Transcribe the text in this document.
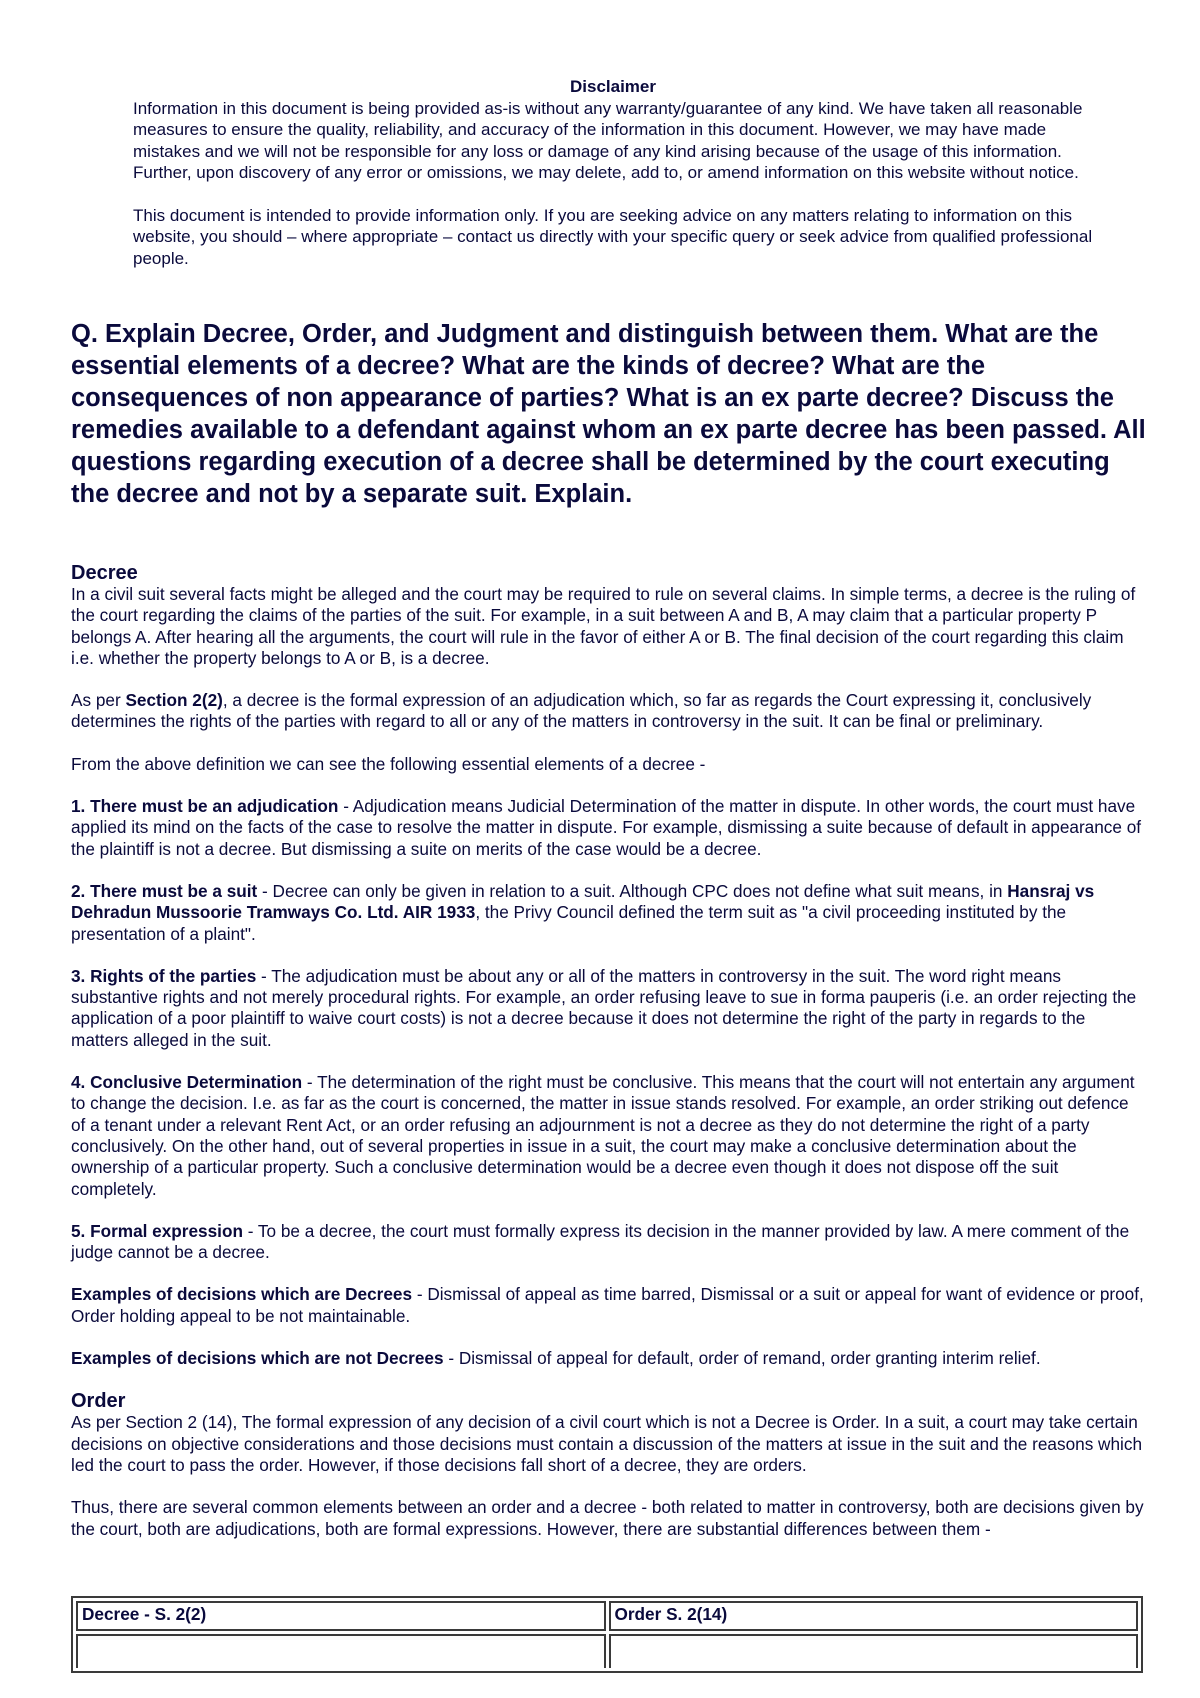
Disclaimer

Information in this document is being provided as-is without any warranty/guarantee of any kind. We have taken all reasonable measures to ensure the quality, reliability, and accuracy of the information in this document. However, we may have made mistakes and we will not be responsible for any loss or damage of any kind arising because of the usage of this information. Further, upon discovery of any error or omissions, we may delete, add to, or amend information on this website without notice.

This document is intended to provide information only. If you are seeking advice on any matters relating to information on this website, you should – where appropriate – contact us directly with your specific query or seek advice from qualified professional people.

Q. Explain Decree, Order, and Judgment and distinguish between them. What are the essential elements of a decree? What are the kinds of decree? What are the consequences of non appearance of parties? What is an ex parte decree? Discuss the remedies available to a defendant against whom an ex parte decree has been passed. All questions regarding execution of a decree shall be determined by the court executing the decree and not by a separate suit. Explain.

Decree

In a civil suit several facts might be alleged and the court may be required to rule on several claims. In simple terms, a decree is the ruling of the court regarding the claims of the parties of the suit. For example, in a suit between A and B, A may claim that a particular property P belongs A. After hearing all the arguments, the court will rule in the favor of either A or B. The final decision of the court regarding this claim i.e. whether the property belongs to A or B, is a decree.

As per Section 2(2), a decree is the formal expression of an adjudication which, so far as regards the Court expressing it, conclusively determines the rights of the parties with regard to all or any of the matters in controversy in the suit. It can be final or preliminary.

From the above definition we can see the following essential elements of a decree -

1. There must be an adjudication - Adjudication means Judicial Determination of the matter in dispute. In other words, the court must have applied its mind on the facts of the case to resolve the matter in dispute. For example, dismissing a suite because of default in appearance of the plaintiff is not a decree. But dismissing a suite on merits of the case would be a decree.

2. There must be a suit - Decree can only be given in relation to a suit. Although CPC does not define what suit means, in Hansraj vs Dehradun Mussoorie Tramways Co. Ltd. AIR 1933, the Privy Council defined the term suit as "a civil proceeding instituted by the presentation of a plaint".

3. Rights of the parties - The adjudication must be about any or all of the matters in controversy in the suit. The word right means substantive rights and not merely procedural rights. For example, an order refusing leave to sue in forma pauperis (i.e. an order rejecting the application of a poor plaintiff to waive court costs) is not a decree because it does not determine the right of the party in regards to the matters alleged in the suit.

4. Conclusive Determination - The determination of the right must be conclusive. This means that the court will not entertain any argument to change the decision. I.e. as far as the court is concerned, the matter in issue stands resolved. For example, an order striking out defence of a tenant under a relevant Rent Act, or an order refusing an adjournment is not a decree as they do not determine the right of a party conclusively. On the other hand, out of several properties in issue in a suit, the court may make a conclusive determination about the ownership of a particular property. Such a conclusive determination would be a decree even though it does not dispose off the suit completely.

5. Formal expression - To be a decree, the court must formally express its decision in the manner provided by law. A mere comment of the judge cannot be a decree.

Examples of decisions which are Decrees - Dismissal of appeal as time barred, Dismissal or a suit or appeal for want of evidence or proof, Order holding appeal to be not maintainable.

Examples of decisions which are not Decrees - Dismissal of appeal for default, order of remand, order granting interim relief.

Order

As per Section 2 (14), The formal expression of any decision of a civil court which is not a Decree is Order. In a suit, a court may take certain decisions on objective considerations and those decisions must contain a discussion of the matters at issue in the suit and the reasons which led the court to pass the order. However, if those decisions fall short of a decree, they are orders.

Thus, there are several common elements between an order and a decree - both related to matter in controversy, both are decisions given by the court, both are adjudications, both are formal expressions. However, there are substantial differences between them -

Decree - S. 2(2)	Order S. 2(14)
